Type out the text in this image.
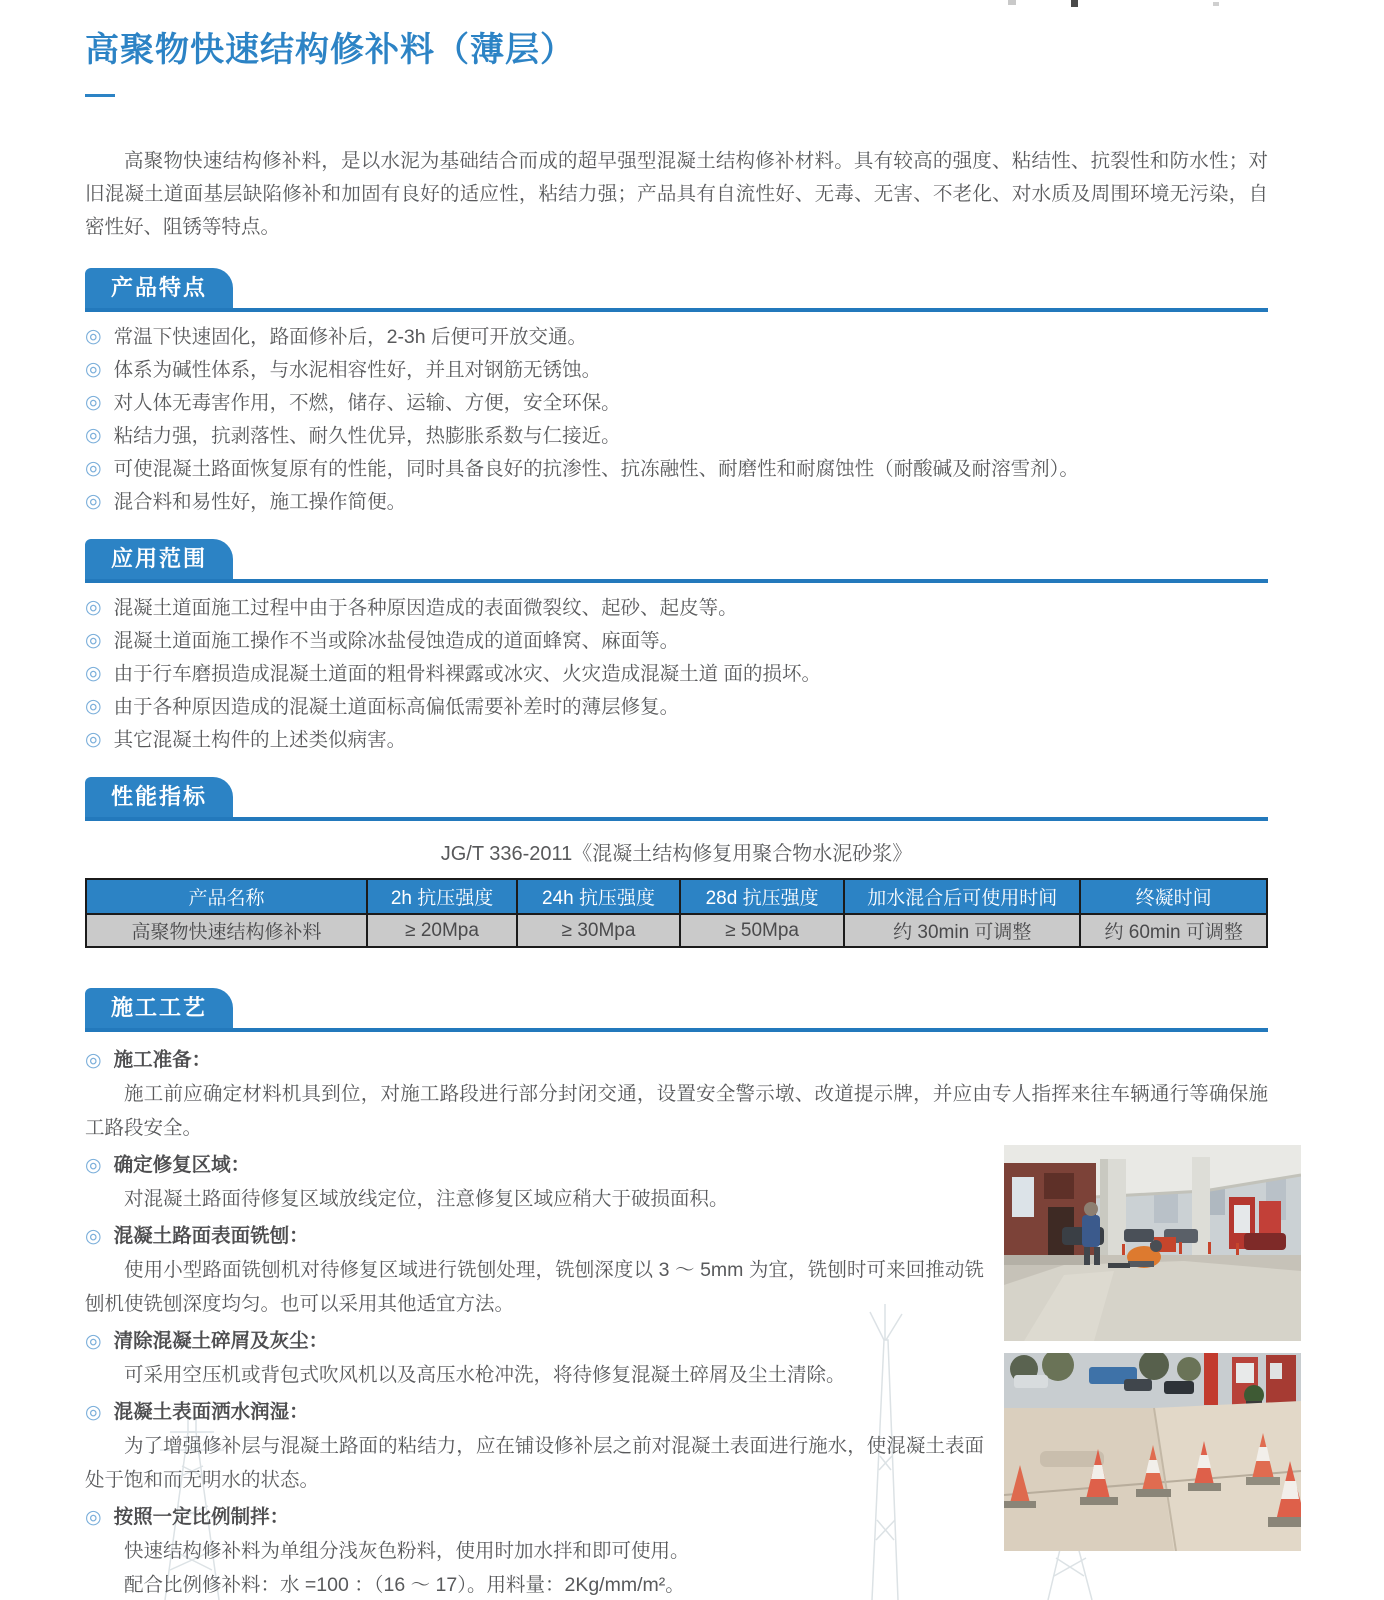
高聚物快速结构修补料（薄层）

高聚物快速结构修补料，是以水泥为基础结合而成的超早强型混凝土结构修补材料。具有较高的强度、粘结性、抗裂性和防水性；对旧混凝土道面基层缺陷修补和加固有良好的适应性，粘结力强；产品具有自流性好、无毒、无害、不老化、对水质及周围环境无污染，自密性好、阻锈等特点。

产品特点
◎ 常温下快速固化，路面修补后，2-3h 后便可开放交通。
◎ 体系为碱性体系，与水泥相容性好，并且对钢筋无锈蚀。
◎ 对人体无毒害作用，不燃，储存、运输、方便，安全环保。
◎ 粘结力强，抗剥落性、耐久性优异，热膨胀系数与仁接近。
◎ 可使混凝土路面恢复原有的性能，同时具备良好的抗渗性、抗冻融性、耐磨性和耐腐蚀性（耐酸碱及耐溶雪剂）。
◎ 混合料和易性好，施工操作简便。
应用范围
◎ 混凝土道面施工过程中由于各种原因造成的表面微裂纹、起砂、起皮等。
◎ 混凝土道面施工操作不当或除冰盐侵蚀造成的道面蜂窝、麻面等。
◎ 由于行车磨损造成混凝土道面的粗骨料裸露或冰灾、火灾造成混凝土道 面的损坏。
◎ 由于各种原因造成的混凝土道面标高偏低需要补差时的薄层修复。
◎ 其它混凝土构件的上述类似病害。
性能指标
JG/T 336-2011《混凝土结构修复用聚合物水泥砂浆》
产品名称	2h 抗压强度	24h 抗压强度	28d 抗压强度	加水混合后可使用时间	终凝时间
高聚物快速结构修补料	≥ 20Mpa	≥ 30Mpa	≥ 50Mpa	约 30min 可调整	约 60min 可调整
施工工艺
◎ 施工准备：

施工前应确定材料机具到位，对施工路段进行部分封闭交通，设置安全警示墩、改道提示牌，并应由专人指挥来往车辆通行等确保施工路段安全。

◎ 确定修复区域：

对混凝土路面待修复区域放线定位，注意修复区域应稍大于破损面积。

◎ 混凝土路面表面铣刨：

使用小型路面铣刨机对待修复区域进行铣刨处理，铣刨深度以 3 ～ 5mm 为宜，铣刨时可来回推动铣刨机使铣刨深度均匀。也可以采用其他适宜方法。

◎ 清除混凝土碎屑及灰尘：

可采用空压机或背包式吹风机以及高压水枪冲洗，将待修复混凝土碎屑及尘土清除。

◎ 混凝土表面洒水润湿：

为了增强修补层与混凝土路面的粘结力，应在铺设修补层之前对混凝土表面进行施水，使混凝土表面处于饱和而无明水的状态。

◎ 按照一定比例制拌：

快速结构修补料为单组分浅灰色粉料，使用时加水拌和即可使用。

配合比例修补料：水 =100 ：（16 ～ 17）。用料量：2Kg/mm/m²。
